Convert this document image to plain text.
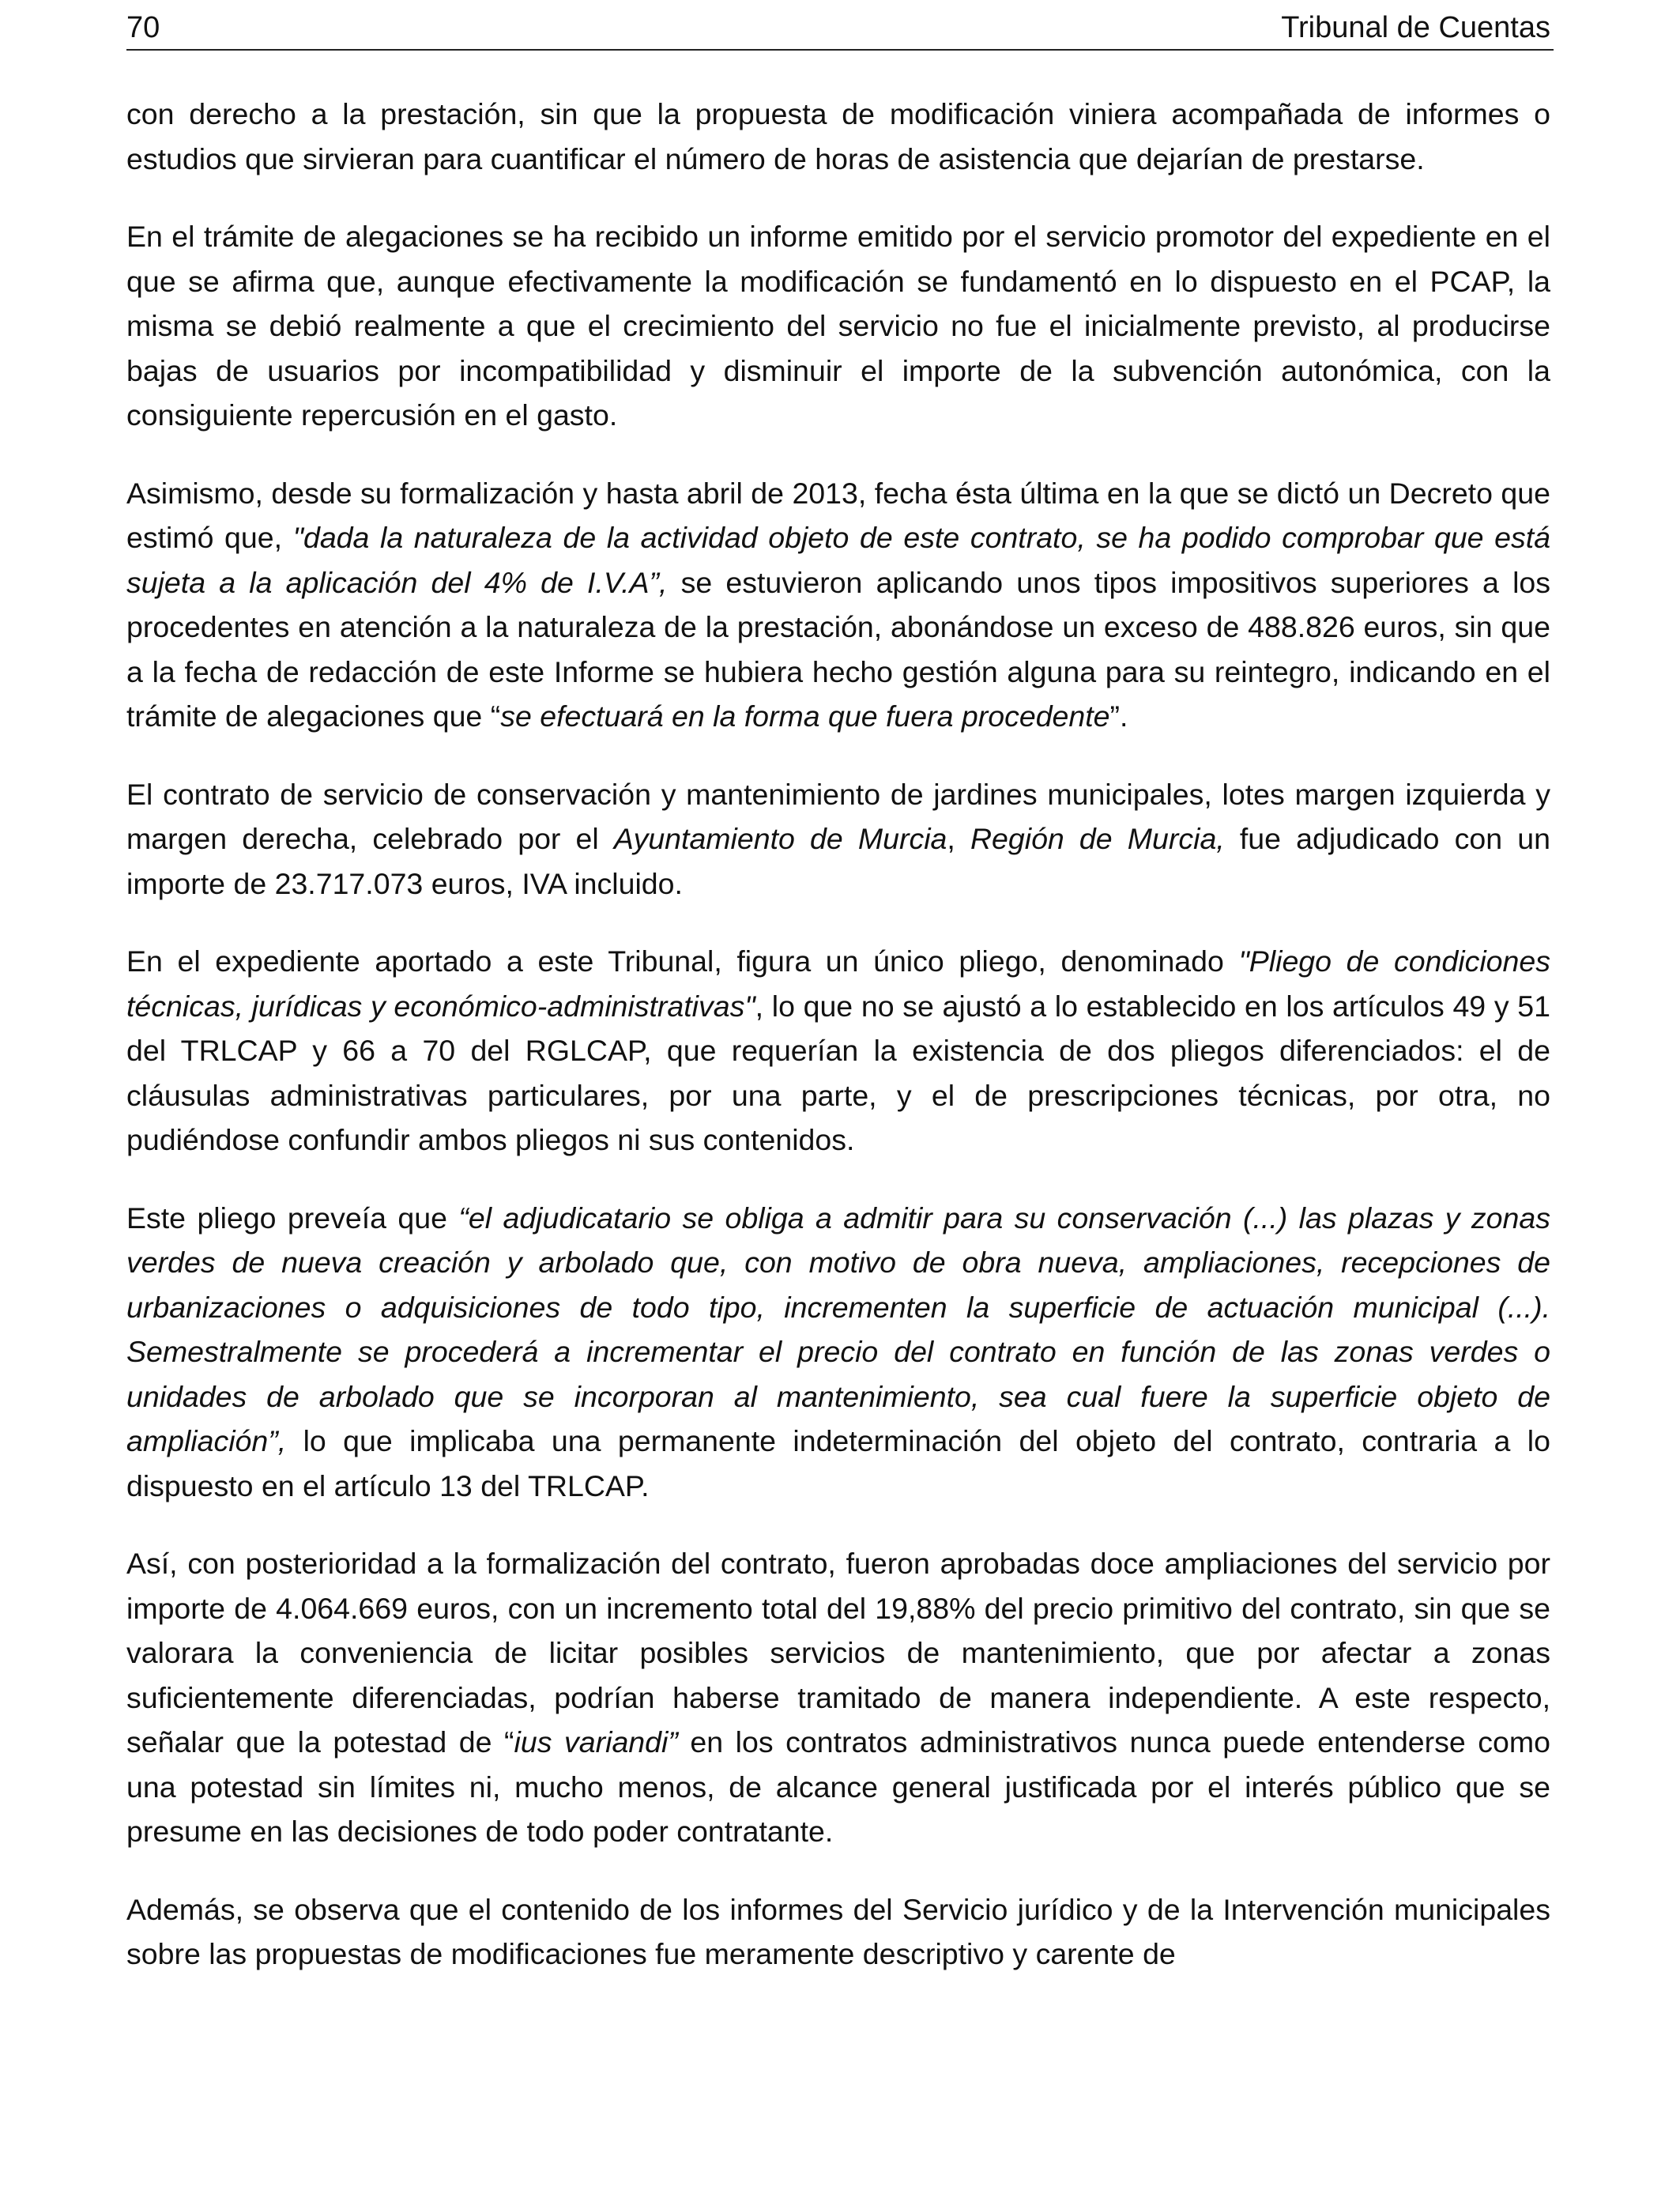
70	Tribunal de Cuentas

con derecho a la prestación, sin que la propuesta de modificación viniera acompañada de informes o estudios que sirvieran para cuantificar el número de horas de asistencia que dejarían de prestarse.

En el trámite de alegaciones se ha recibido un informe emitido por el servicio promotor del expediente en el que se afirma que, aunque efectivamente la modificación se fundamentó en lo dispuesto en el PCAP, la misma se debió realmente a que el crecimiento del servicio no fue el inicialmente previsto, al producirse bajas de usuarios por incompatibilidad y disminuir el importe de la subvención autonómica, con la consiguiente repercusión en el gasto.

Asimismo, desde su formalización y hasta abril de 2013, fecha ésta última en la que se dictó un Decreto que estimó que, "dada la naturaleza de la actividad objeto de este contrato, se ha podido comprobar que está sujeta a la aplicación del 4% de I.V.A”, se estuvieron aplicando unos tipos impositivos superiores a los procedentes en atención a la naturaleza de la prestación, abonándose un exceso de 488.826 euros, sin que a la fecha de redacción de este Informe se hubiera hecho gestión alguna para su reintegro, indicando en el trámite de alegaciones que “se efectuará en la forma que fuera procedente”.

El contrato de servicio de conservación y mantenimiento de jardines municipales, lotes margen izquierda y margen derecha, celebrado por el Ayuntamiento de Murcia, Región de Murcia, fue adjudicado con un importe de 23.717.073 euros, IVA incluido.

En el expediente aportado a este Tribunal, figura un único pliego, denominado "Pliego de condiciones técnicas, jurídicas y económico-administrativas", lo que no se ajustó a lo establecido en los artículos 49 y 51 del TRLCAP y 66 a 70 del RGLCAP, que requerían la existencia de dos pliegos diferenciados: el de cláusulas administrativas particulares, por una parte, y el de prescripciones técnicas, por otra, no pudiéndose confundir ambos pliegos ni sus contenidos.

Este pliego preveía que “el adjudicatario se obliga a admitir para su conservación (...) las plazas y zonas verdes de nueva creación y arbolado que, con motivo de obra nueva, ampliaciones, recepciones de urbanizaciones o adquisiciones de todo tipo, incrementen la superficie de actuación municipal (...). Semestralmente se procederá a incrementar el precio del contrato en función de las zonas verdes o unidades de arbolado que se incorporan al mantenimiento, sea cual fuere la superficie objeto de ampliación”, lo que implicaba una permanente indeterminación del objeto del contrato, contraria a lo dispuesto en el artículo 13 del TRLCAP.

Así, con posterioridad a la formalización del contrato, fueron aprobadas doce ampliaciones del servicio por importe de 4.064.669 euros, con un incremento total del 19,88% del precio primitivo del contrato, sin que se valorara la conveniencia de licitar posibles servicios de mantenimiento, que por afectar a zonas suficientemente diferenciadas, podrían haberse tramitado de manera independiente. A este respecto, señalar que la potestad de “ius variandi” en los contratos administrativos nunca puede entenderse como una potestad sin límites ni, mucho menos, de alcance general justificada por el interés público que se presume en las decisiones de todo poder contratante.

Además, se observa que el contenido de los informes del Servicio jurídico y de la Intervención municipales sobre las propuestas de modificaciones fue meramente descriptivo y carente de
